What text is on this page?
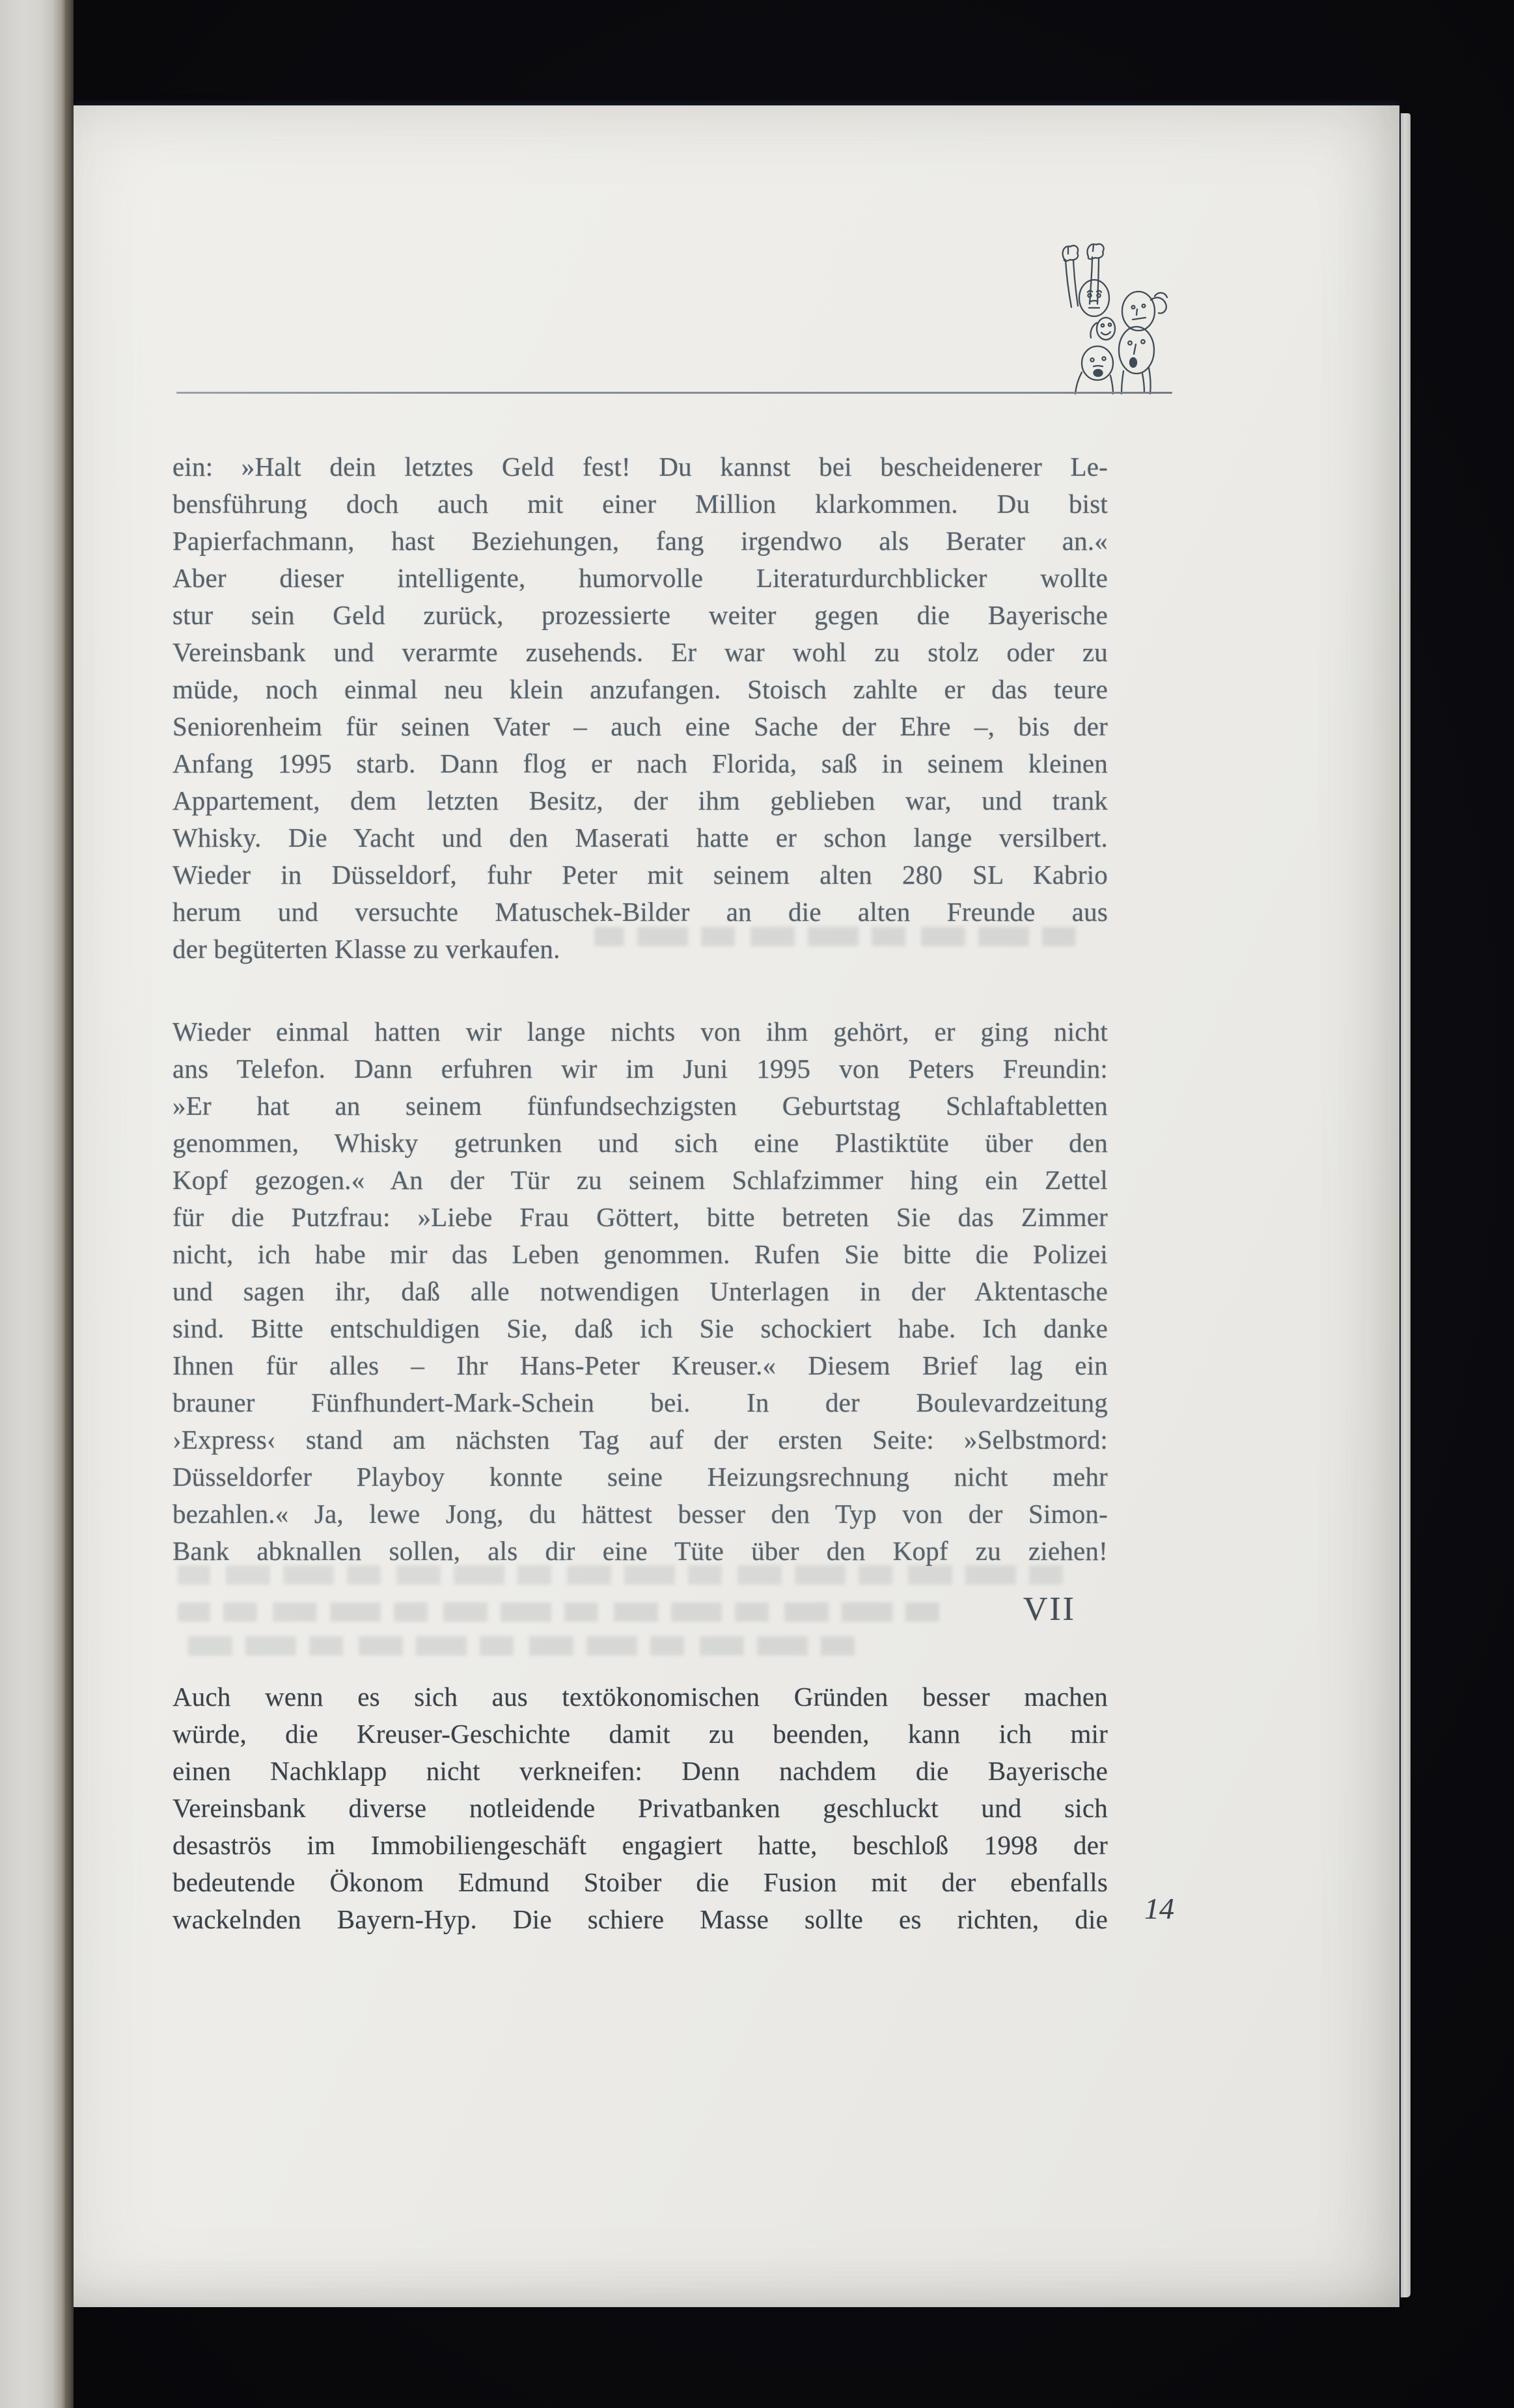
ein: »Halt dein letztes Geld fest! Du kannst bei bescheidenerer Le-
bensführung doch auch mit einer Million klarkommen. Du bist
Papierfachmann, hast Beziehungen, fang irgendwo als Berater an.«
Aber dieser intelligente, humorvolle Literaturdurchblicker wollte
stur sein Geld zurück, prozessierte weiter gegen die Bayerische
Vereinsbank und verarmte zusehends. Er war wohl zu stolz oder zu
müde, noch einmal neu klein anzufangen. Stoisch zahlte er das teure
Seniorenheim für seinen Vater – auch eine Sache der Ehre –, bis der
Anfang 1995 starb. Dann flog er nach Florida, saß in seinem kleinen
Appartement, dem letzten Besitz, der ihm geblieben war, und trank
Whisky. Die Yacht und den Maserati hatte er schon lange versilbert.
Wieder in Düsseldorf, fuhr Peter mit seinem alten 280 SL Kabrio
herum und versuchte Matuschek-Bilder an die alten Freunde aus
der begüterten Klasse zu verkaufen.
Wieder einmal hatten wir lange nichts von ihm gehört, er ging nicht
ans Telefon. Dann erfuhren wir im Juni 1995 von Peters Freundin:
»Er hat an seinem fünfundsechzigsten Geburtstag Schlaftabletten
genommen, Whisky getrunken und sich eine Plastiktüte über den
Kopf gezogen.« An der Tür zu seinem Schlafzimmer hing ein Zettel
für die Putzfrau: »Liebe Frau Göttert, bitte betreten Sie das Zimmer
nicht, ich habe mir das Leben genommen. Rufen Sie bitte die Polizei
und sagen ihr, daß alle notwendigen Unterlagen in der Aktentasche
sind. Bitte entschuldigen Sie, daß ich Sie schockiert habe. Ich danke
Ihnen für alles – Ihr Hans-Peter Kreuser.« Diesem Brief lag ein
brauner Fünfhundert-Mark-Schein bei. In der Boulevardzeitung
›Express‹ stand am nächsten Tag auf der ersten Seite: »Selbstmord:
Düsseldorfer Playboy konnte seine Heizungsrechnung nicht mehr
bezahlen.« Ja, lewe Jong, du hättest besser den Typ von der Simon-
Bank abknallen sollen, als dir eine Tüte über den Kopf zu ziehen!
VII
Auch wenn es sich aus textökonomischen Gründen besser machen
würde, die Kreuser-Geschichte damit zu beenden, kann ich mir
einen Nachklapp nicht verkneifen: Denn nachdem die Bayerische
Vereinsbank diverse notleidende Privatbanken geschluckt und sich
desaströs im Immobiliengeschäft engagiert hatte, beschloß 1998 der
bedeutende Ökonom Edmund Stoiber die Fusion mit der ebenfalls
wackelnden Bayern-Hyp. Die schiere Masse sollte es richten, die 14
